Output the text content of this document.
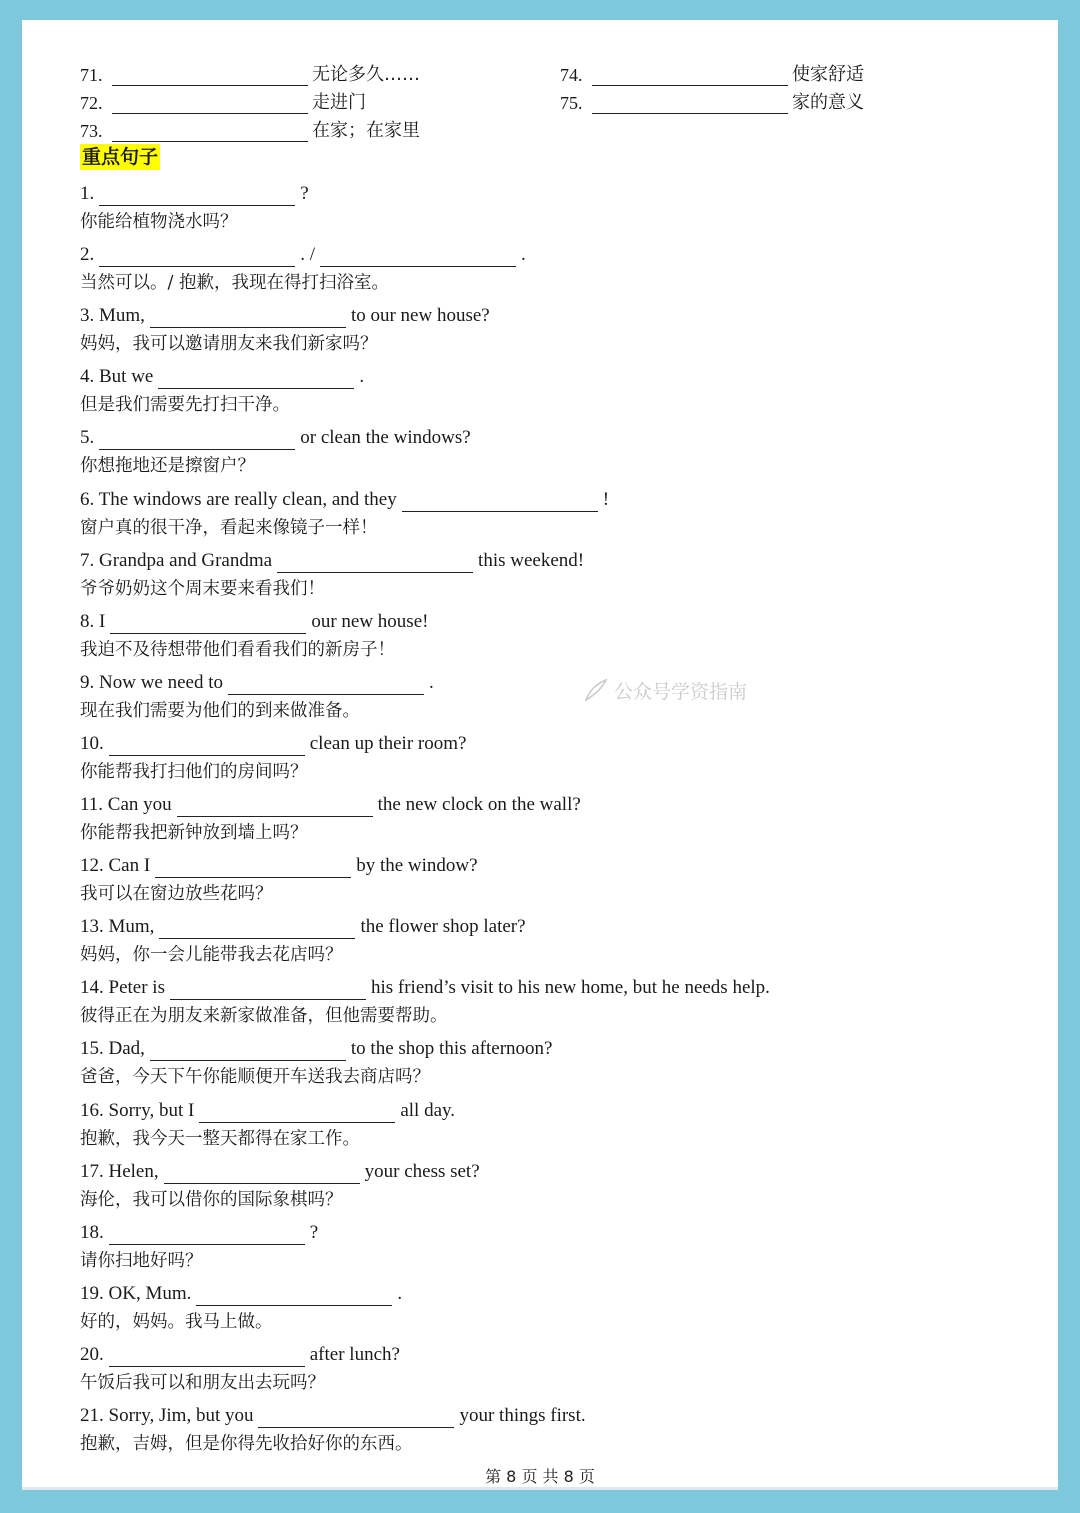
71.	无论多久……
72.	走进门
73.	在家；在家里
74.	使家舒适
75.	家的意义
重点句子
1.	?
你能给植物浇水吗？
2.	. /	.
当然可以。/ 抱歉，我现在得打扫浴室。
3. Mum,	to our new house?
妈妈，我可以邀请朋友来我们新家吗？
4. But we	.
但是我们需要先打扫干净。
5.	or clean the windows?
你想拖地还是擦窗户？
6. The windows are really clean, and they	!
窗户真的很干净，看起来像镜子一样！
7. Grandpa and Grandma	this weekend!
爷爷奶奶这个周末要来看我们！
8. I	our new house!
我迫不及待想带他们看看我们的新房子！
9. Now we need to	.
现在我们需要为他们的到来做准备。
10.	clean up their room?
你能帮我打扫他们的房间吗？
11. Can you	the new clock on the wall?
你能帮我把新钟放到墙上吗？
12. Can I	by the window?
我可以在窗边放些花吗？
13. Mum,	the flower shop later?
妈妈，你一会儿能带我去花店吗？
14. Peter is	his friend’s visit to his new home, but he needs help.
彼得正在为朋友来新家做准备，但他需要帮助。
15. Dad,	to the shop this afternoon?
爸爸，今天下午你能顺便开车送我去商店吗？
16. Sorry, but I	all day.
抱歉，我今天一整天都得在家工作。
17. Helen,	your chess set?
海伦，我可以借你的国际象棋吗？
18.	?
请你扫地好吗？
19. OK, Mum.	.
好的，妈妈。我马上做。
20.	after lunch?
午饭后我可以和朋友出去玩吗？
21. Sorry, Jim, but you	your things first.
抱歉，吉姆，但是你得先收拾好你的东西。
公众号学资指南
第 8 页 共 8 页
